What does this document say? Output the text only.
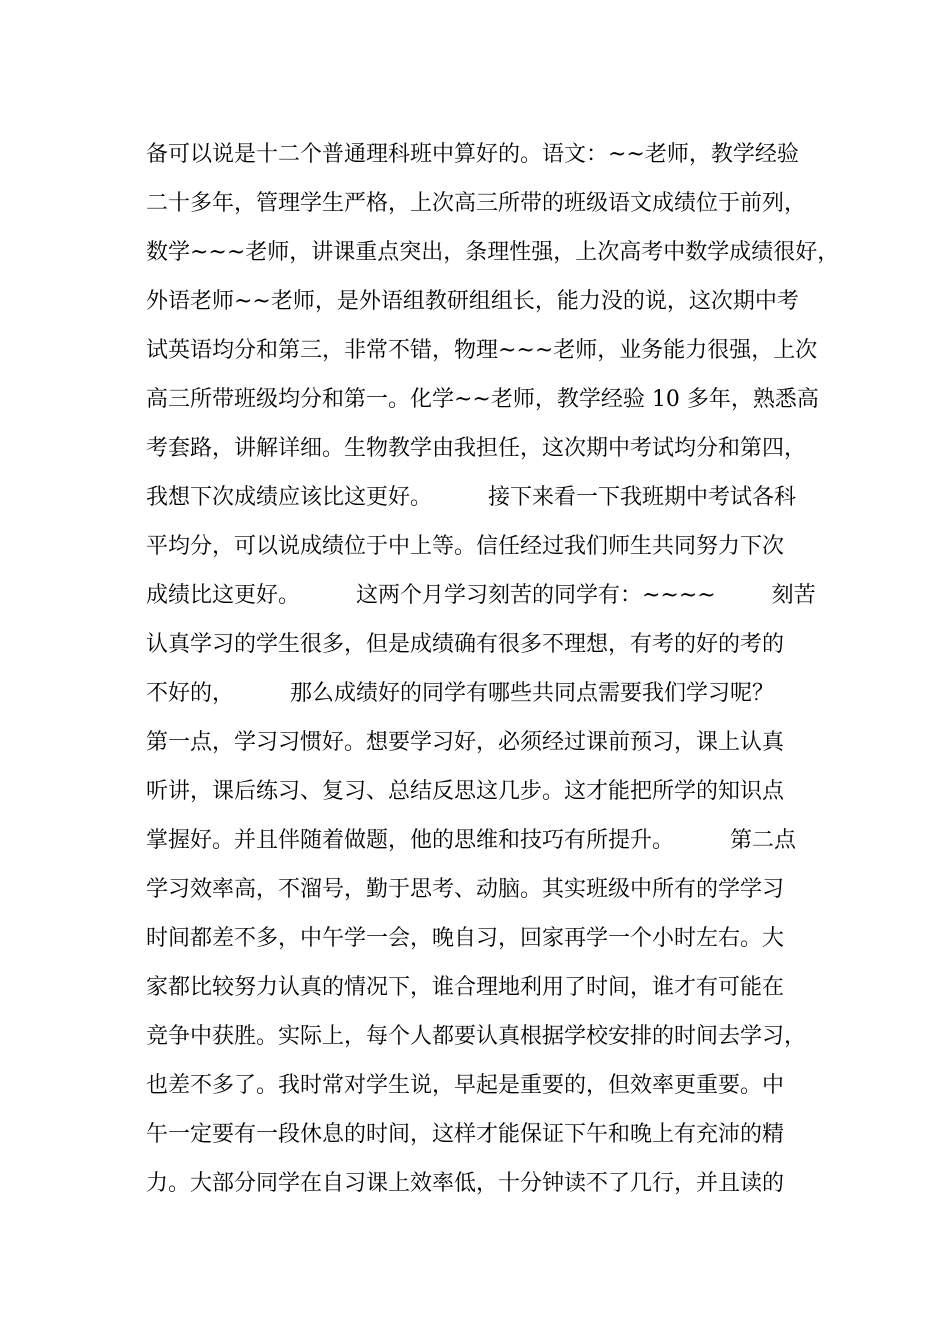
备可以说是十二个普通理科班中算好的。语文：~~老师，教学经验
二十多年，管理学生严格，上次高三所带的班级语文成绩位于前列，
数学~~~老师，讲课重点突出，条理性强，上次高考中数学成绩很好，
外语老师~~老师，是外语组教研组组长，能力没的说，这次期中考
试英语均分和第三，非常不错，物理~~~老师，业务能力很强，上次
高三所带班级均分和第一。化学~~老师，教学经验 10 多年，熟悉高
考套路，讲解详细。生物教学由我担任，这次期中考试均分和第四，
我想下次成绩应该比这更好。        接下来看一下我班期中考试各科
平均分，可以说成绩位于中上等。信任经过我们师生共同努力下次
成绩比这更好。        这两个月学习刻苦的同学有：~~~~        刻苦
认真学习的学生很多，但是成绩确有很多不理想，有考的好的考的
不好的，        那么成绩好的同学有哪些共同点需要我们学习呢？
第一点，学习习惯好。想要学习好，必须经过课前预习，课上认真
听讲，课后练习、复习、总结反思这几步。这才能把所学的知识点
掌握好。并且伴随着做题，他的思维和技巧有所提升。        第二点
学习效率高，不溜号，勤于思考、动脑。其实班级中所有的学学习
时间都差不多，中午学一会，晚自习，回家再学一个小时左右。大
家都比较努力认真的情况下，谁合理地利用了时间，谁才有可能在
竞争中获胜。实际上，每个人都要认真根据学校安排的时间去学习，
也差不多了。我时常对学生说，早起是重要的，但效率更重要。中
午一定要有一段休息的时间，这样才能保证下午和晚上有充沛的精
力。大部分同学在自习课上效率低，十分钟读不了几行，并且读的
